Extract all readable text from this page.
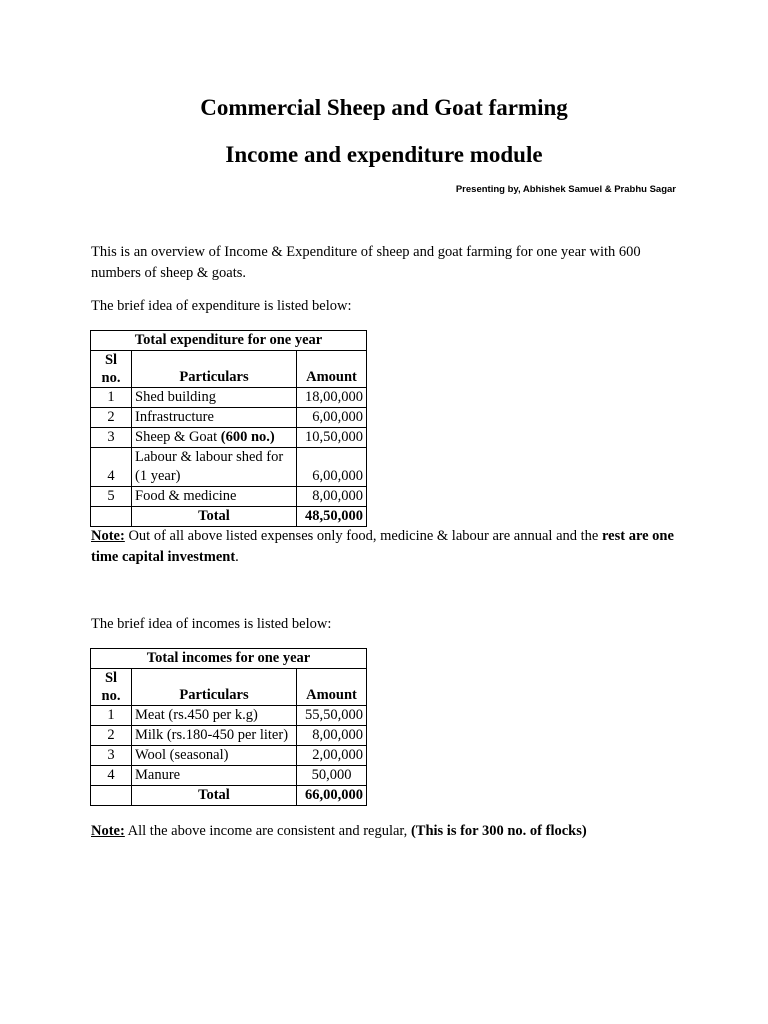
Commercial Sheep and Goat farming
Income and expenditure module
Presenting by, Abhishek Samuel & Prabhu Sagar
This is an overview of Income & Expenditure of sheep and goat farming for one year with 600 numbers of sheep & goats.
The brief idea of expenditure is listed below:
Total expenditure for one year		
Sl no.	Particulars	Amount
1	Shed building	18,00,000
2	Infrastructure	6,00,000
3	Sheep & Goat (600 no.)	10,50,000
4	Labour & labour shed for (1 year)	6,00,000
5	Food & medicine	8,00,000
	Total	48,50,000
Note: Out of all above listed expenses only food, medicine & labour are annual and the rest are one time capital investment.
The brief idea of incomes is listed below:
Total incomes for one year		
Sl no.	Particulars	Amount
1	Meat (rs.450 per k.g)	55,50,000
2	Milk (rs.180-450 per liter)	8,00,000
3	Wool (seasonal)	2,00,000
4	Manure	50,000
	Total	66,00,000
Note: All the above income are consistent and regular, (This is for 300 no. of flocks)
